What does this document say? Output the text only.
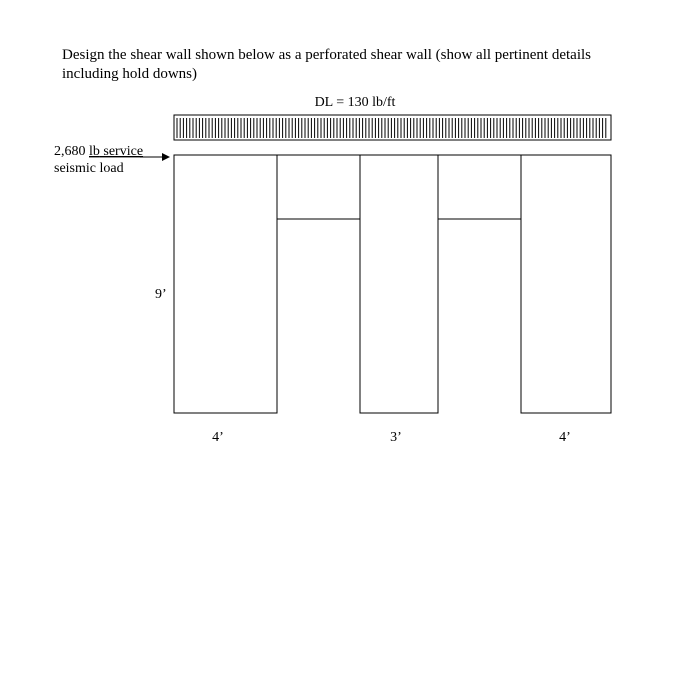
Design the shear wall shown below as a perforated shear wall (show all pertinent details including hold downs)

DL = 130 lb/ft
2,680 lb service
seismic load
9’
4’	3’	4’
